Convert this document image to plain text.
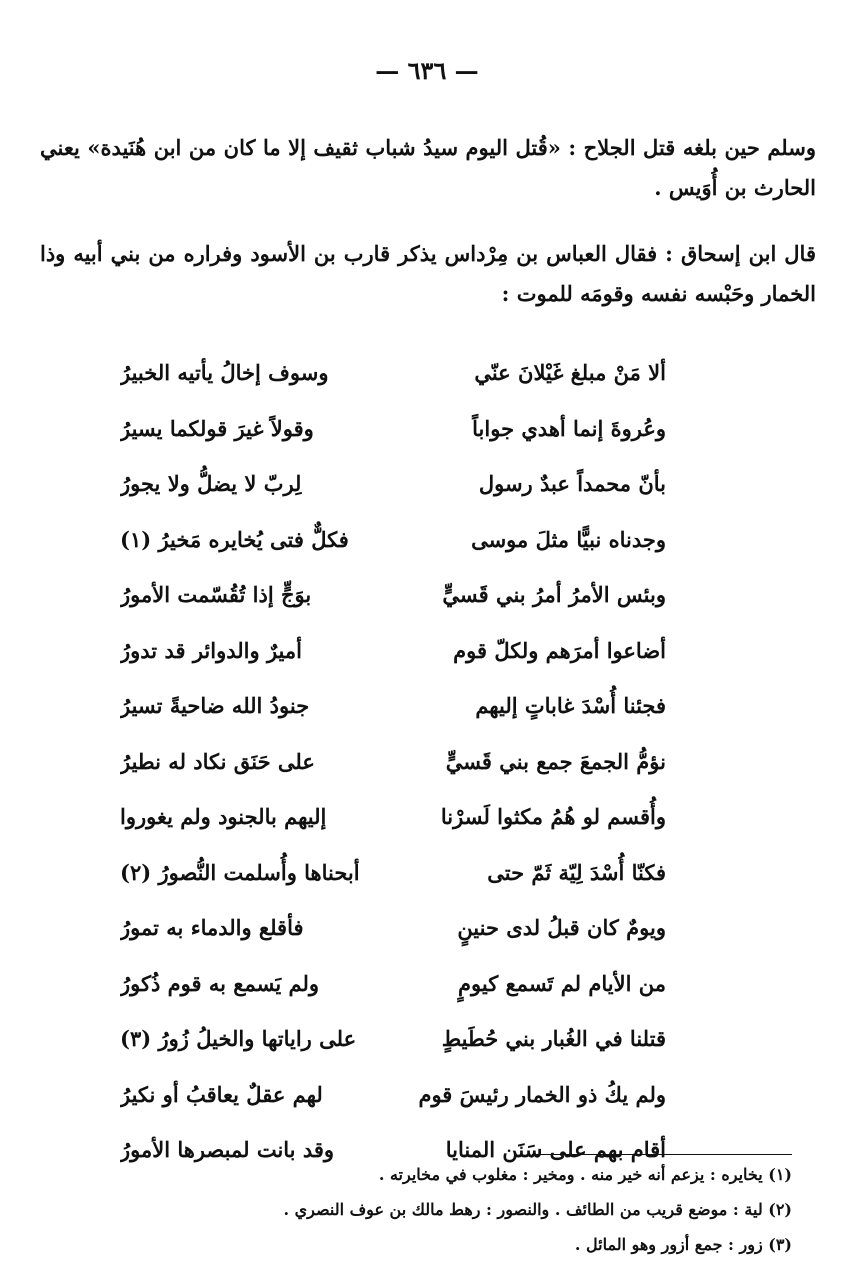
— ٦٣٦ —
وسلم حين بلغه قتل الجلاح : «قُتل اليوم سيدُ شباب ثقيف إلا ما كان من ابن هُنَيدة» يعني الحارث بن أُوَيس .
قال ابن إسحاق : فقال العباس بن مِرْداس يذكر قارب بن الأسود وفراره من بني أبيه وذا الخمار وحَبْسه نفسه وقومَه للموت :
ألا مَنْ مبلغ غَيْلانَ عنّي
وسوف إخالُ يأتيه الخبيرُ
وعُروةَ إنما أهدي جواباً
وقولاً غيرَ قولكما يسيرُ
بأنّ محمداً عبدٌ رسول
لِربّ لا يضلُّ ولا يجورُ
وجدناه نبيًّا مثلَ موسى
فكلٌّ فتى يُخايره مَخيرُ (١)
وبئس الأمرُ أمرُ بني قَسيٍّ
بوَجٍّ إذا تُقُسّمت الأمورُ
أضاعوا أمرَهم ولكلّ قوم
أميرٌ والدوائر قد تدورُ
فجئنا أُسْدَ غاباتٍ إليهم
جنودُ الله ضاحيةً تسيرُ
نؤمُّ الجمعَ جمع بني قَسيٍّ
على حَنَق نكاد له نطيرُ
وأُقسم لو هُمُ مكثوا لَسرْنا
إليهم بالجنود ولم يغوروا
فكنّا أُسْدَ لِيّة ثَمّ حتى
أبحناها وأُسلمت النُّصورُ (٢)
ويومٌ كان قبلُ لدى حنينٍ
فأقلع والدماء به تمورُ
من الأيام لم تَسمع كيومٍ
ولم يَسمع به قوم ذُكورُ
قتلنا في الغُبار بني حُطَيطٍ
على راياتها والخيلُ زُورُ (٣)
ولم يكُ ذو الخمار رئيسَ قوم
لهم عقلٌ يعاقبُ أو نكيرُ
أقام بهم على سَنَن المنايا
وقد بانت لمبصرها الأمورُ
(١) يخايره : يزعم أنه خير منه . ومخير : مغلوب في مخايرته .
(٢) لية : موضع قريب من الطائف . والنصور : رهط مالك بن عوف النصري .
(٣) زور : جمع أزور وهو المائل .
